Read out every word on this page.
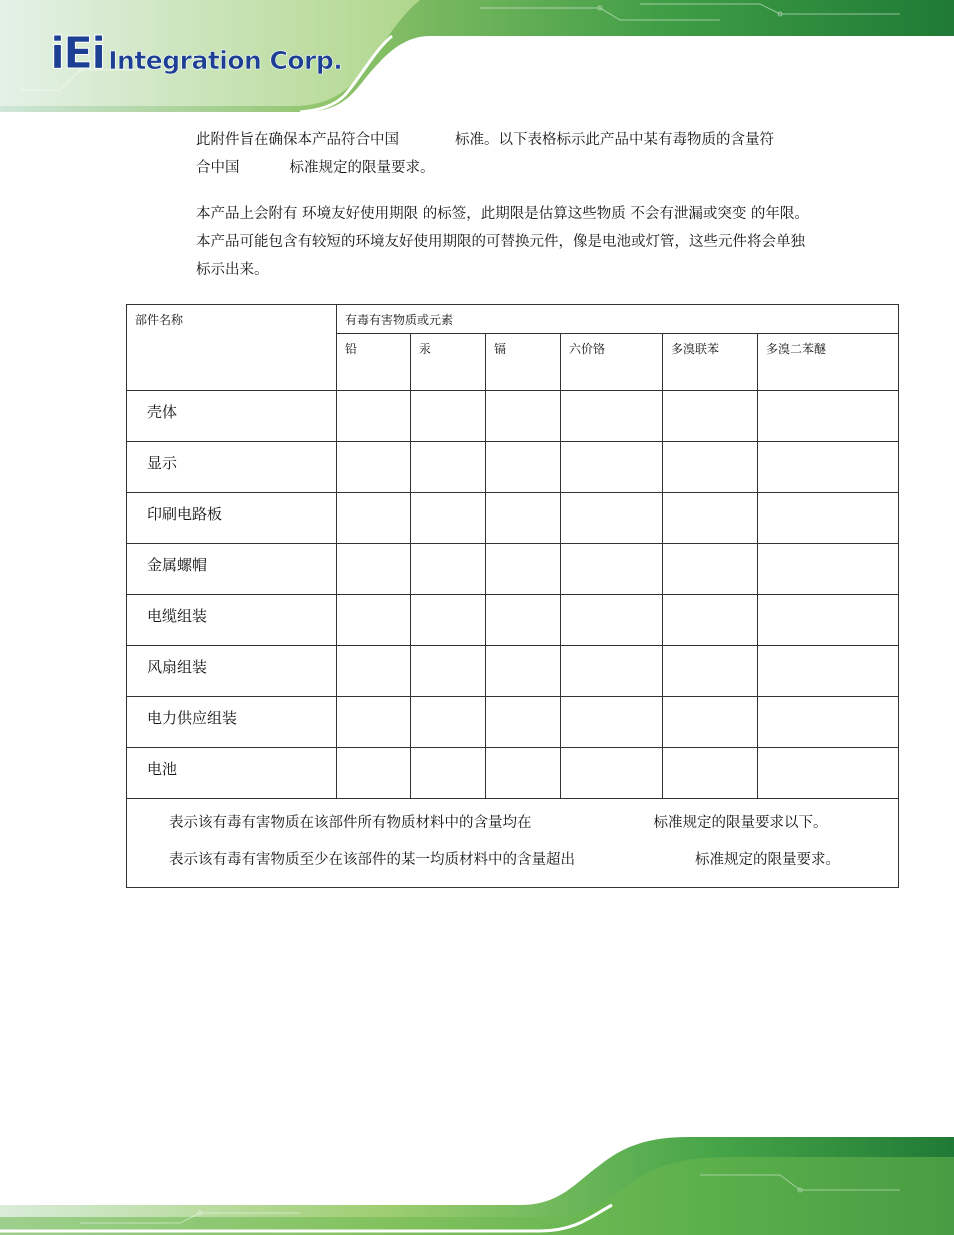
iEi Integration Corp.
此附件旨在确保本产品符合中国	标准。以下表格标示此产品中某有毒物质的含量符
合中国	标准规定的限量要求。
本产品上会附有 环境友好使用期限 的标签，此期限是估算这些物质 不会有泄漏或突变 的年限。本产品可能包含有较短的环境友好使用期限的可替换元件，像是电池或灯管，这些元件将会单独标示出来。
部件名称	有毒有害物质或元素					
	铅	汞	镉	六价铬	多溴联苯	多溴二苯醚
壳体						
显示						
印刷电路板						
金属螺帽						
电缆组装						
风扇组装						
电力供应组装						
电池						
表示该有毒有害物质在该部件所有物质材料中的含量均在 标准规定的限量要求以下。
表示该有毒有害物质至少在该部件的某一均质材料中的含量超出 标准规定的限量要求。						
